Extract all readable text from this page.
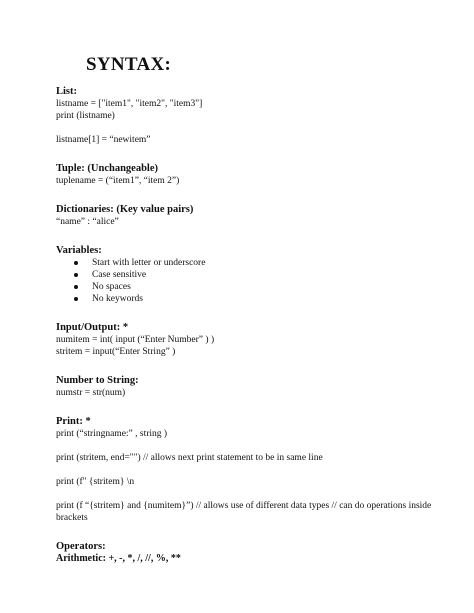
SYNTAX:
List:
listname = ["item1", "item2", "item3"]
print (listname)
listname[1] = “newitem”
Tuple: (Unchangeable)
tuplename = (“item1”, “item 2”)
Dictionaries: (Key value pairs)
“name” : “alice”
Variables:
Start with letter or underscore
Case sensitive
No spaces
No keywords
Input/Output: *
numitem = int( input (“Enter Number” ) )
stritem = input(“Enter String” )
Number to String:
numstr = str(num)
Print: *
print (“stringname:” , string )
print (stritem, end="") // allows next print statement to be in same line
print (f" {stritem} \n
print (f “{stritem} and {numitem}”) // allows use of different data types // can do operations inside brackets
Operators:
Arithmetic: +, -, *, /, //, %, **
